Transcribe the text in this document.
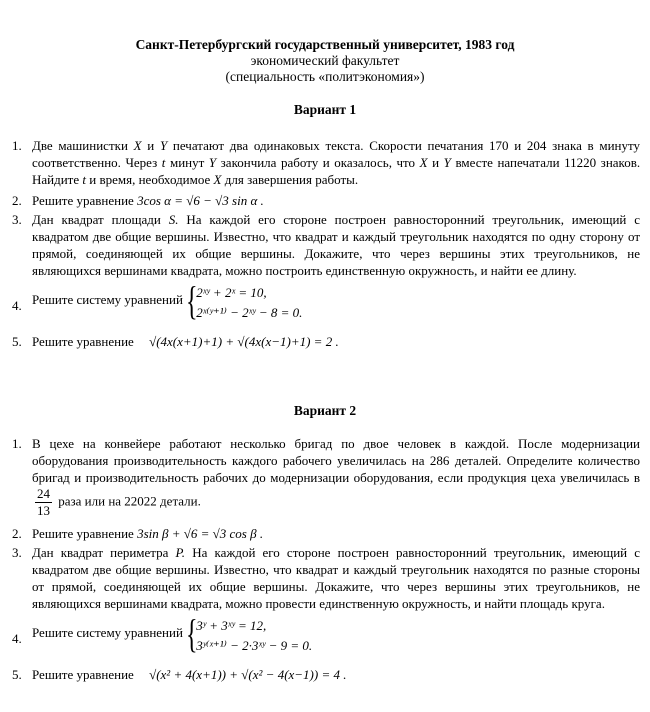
Санкт-Петербургский государственный университет, 1983 год
экономический факультет
(специальность «политэкономия»)
Вариант 1
1. Две машинистки X и Y печатают два одинаковых текста. Скорости печатания 170 и 204 знака в минуту соответственно. Через t минут Y закончила работу и оказалось, что X и Y вместе напечатали 11220 знаков. Найдите t и время, необходимое X для завершения работы.
2. Решите уравнение 3cos α = √6 − √3 sin α .
3. Дан квадрат площади S. На каждой его стороне построен равносторонний треугольник, имеющий с квадратом две общие вершины. Известно, что квадрат и каждый треугольник находятся по одну сторону от прямой, соединяющей их общие вершины. Докажите, что через вершины этих треугольников, не являющихся вершинами квадрата, можно построить единственную окружность, и найти ее длину.
4. Решите систему уравнений {
2ˣʸ + 2ˣ = 10,
2ˣ⁽ʸ⁺¹⁾ − 2ˣʸ − 8 = 0.
5. Решите уравнение √(4x(x+1)+1) + √(4x(x−1)+1) = 2 .
Вариант 2
1. В цехе на конвейере работают несколько бригад по двое человек в каждой. После модернизации оборудования производительность каждого рабочего увеличилась на 286 деталей. Определите количество бригад и производительность рабочих до модернизации оборудования, если продукция цеха увеличилась в
$\frac{24}{13}$ раза или на 22022 детали.
2. Решите уравнение 3sin β + √6 = √3 cos β .
3. Дан квадрат периметра P. На каждой его стороне построен равносторонний треугольник, имеющий с квадратом две общие вершины. Известно, что квадрат и каждый треугольник находятся по разные стороны от прямой, соединяющей их общие вершины. Докажите, что через вершины этих треугольников, не являющихся вершинами квадрата, можно провести единственную окружность, и найти площадь круга.
4. Решите систему уравнений {
3ʸ + 3ˣʸ = 12,
3ʸ⁽ˣ⁺¹⁾ − 2·3ˣʸ − 9 = 0.
5. Решите уравнение √(x² + 4(x+1)) + √(x² − 4(x−1)) = 4 .
